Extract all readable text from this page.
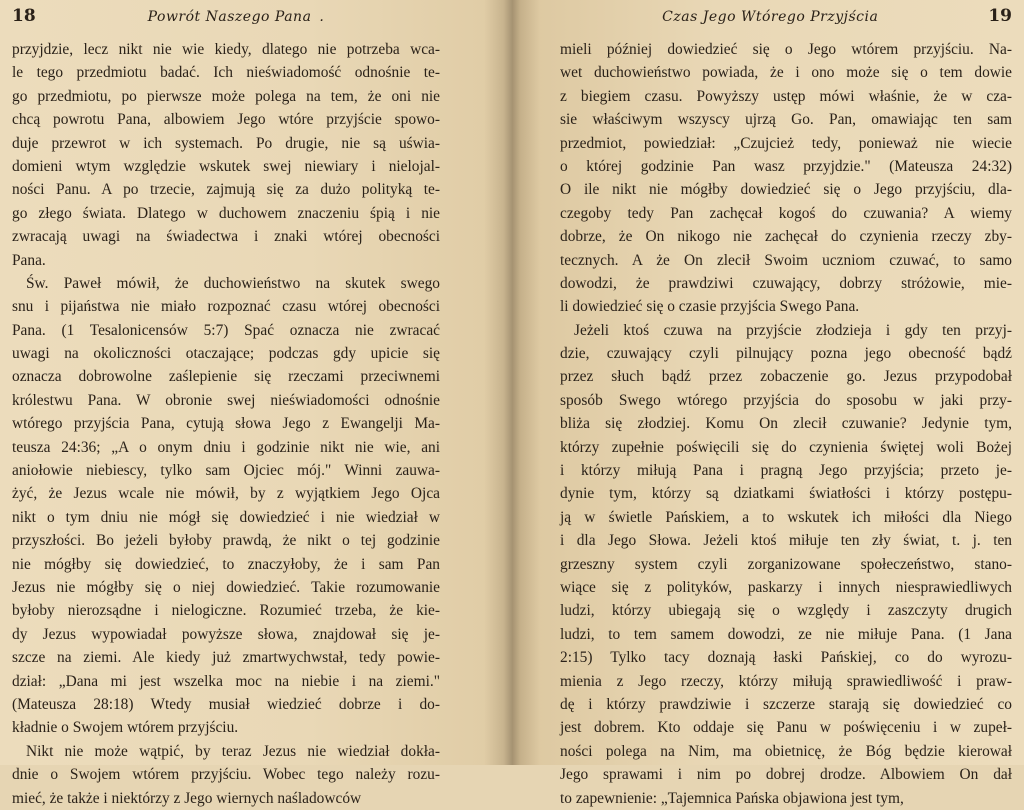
18	Powrót Naszego Pana .
przyjdzie, lecz nikt nie wie kiedy, dlatego nie potrzeba wca-
le tego przedmiotu badać. Ich nieświadomość odnośnie te-
go przedmiotu, po pierwsze może polega na tem, że oni nie
chcą powrotu Pana, albowiem Jego wtóre przyjście spowo-
duje przewrot w ich systemach. Po drugie, nie są uświa-
domieni wtym względzie wskutek swej niewiary i nielojal-
ności Panu. A po trzecie, zajmują się za dużo polityką te-
go złego świata. Dlatego w duchowem znaczeniu śpią i nie
zwracają uwagi na świadectwa i znaki wtórej obecności
Pana.
Św. Paweł mówił, że duchowieństwo na skutek swego
snu i pijaństwa nie miało rozpoznać czasu wtórej obecności
Pana. (1 Tesalonicensów 5:7) Spać oznacza nie zwracać
uwagi na okoliczności otaczające; podczas gdy upicie się
oznacza dobrowolne zaślepienie się rzeczami przeciwnemi
królestwu Pana. W obronie swej nieświadomości odnośnie
wtórego przyjścia Pana, cytują słowa Jego z Ewangelji Ma-
teusza 24:36; „A o onym dniu i godzinie nikt nie wie, ani
aniołowie niebiescy, tylko sam Ojciec mój." Winni zauwa-
żyć, że Jezus wcale nie mówił, by z wyjątkiem Jego Ojca
nikt o tym dniu nie mógł się dowiedzieć i nie wiedział w
przyszłości. Bo jeżeli byłoby prawdą, że nikt o tej godzinie
nie mógłby się dowiedzieć, to znaczyłoby, że i sam Pan
Jezus nie mógłby się o niej dowiedzieć. Takie rozumowanie
byłoby nierozsądne i nielogiczne. Rozumieć trzeba, że kie-
dy Jezus wypowiadał powyższe słowa, znajdował się je-
szcze na ziemi. Ale kiedy już zmartwychwstał, tedy powie-
dział: „Dana mi jest wszelka moc na niebie i na ziemi."
(Mateusza 28:18) Wtedy musiał wiedzieć dobrze i do-
kładnie o Swojem wtórem przyjściu.
Nikt nie może wątpić, by teraz Jezus nie wiedział dokła-
dnie o Swojem wtórem przyjściu. Wobec tego należy rozu-
mieć, że także i niektórzy z Jego wiernych naśladowców
Czas Jego Wtórego Przyjścia	19
mieli później dowiedzieć się o Jego wtórem przyjściu. Na-
wet duchowieństwo powiada, że i ono może się o tem dowie
z biegiem czasu. Powyższy ustęp mówi właśnie, że w cza-
sie właściwym wszyscy ujrzą Go. Pan, omawiając ten sam
przedmiot, powiedział: „Czujcież tedy, ponieważ nie wiecie
o której godzinie Pan wasz przyjdzie." (Mateusza 24:32)
O ile nikt nie mógłby dowiedzieć się o Jego przyjściu, dla-
czegoby tedy Pan zachęcał kogoś do czuwania? A wiemy
dobrze, że On nikogo nie zachęcał do czynienia rzeczy zby-
tecznych. A że On zlecił Swoim uczniom czuwać, to samo
dowodzi, że prawdziwi czuwający, dobrzy stróżowie, mie-
li dowiedzieć się o czasie przyjścia Swego Pana.
Jeżeli ktoś czuwa na przyjście złodzieja i gdy ten przyj-
dzie, czuwający czyli pilnujący pozna jego obecność bądź
przez słuch bądź przez zobaczenie go. Jezus przypodobał
sposób Swego wtórego przyjścia do sposobu w jaki przy-
bliża się złodziej. Komu On zlecił czuwanie? Jedynie tym,
którzy zupełnie poświęcili się do czynienia świętej woli Bożej
i którzy miłują Pana i pragną Jego przyjścia; przeto je-
dynie tym, którzy są dziatkami światłości i którzy postępu-
ją w świetle Pańskiem, a to wskutek ich miłości dla Niego
i dla Jego Słowa. Jeżeli ktoś miłuje ten zły świat, t. j. ten
grzeszny system czyli zorganizowane społeczeństwo, stano-
wiące się z polityków, paskarzy i innych niesprawiedliwych
ludzi, którzy ubiegają się o względy i zaszczyty drugich
ludzi, to tem samem dowodzi, ze nie miłuje Pana. (1 Jana
2:15) Tylko tacy doznają łaski Pańskiej, co do wyrozu-
mienia z Jego rzeczy, którzy miłują sprawiedliwość i praw-
dę i którzy prawdziwie i szczerze starają się dowiedzieć co
jest dobrem. Kto oddaje się Panu w poświęceniu i w zupeł-
ności polega na Nim, ma obietnicę, że Bóg będzie kierował
Jego sprawami i nim po dobrej drodze. Albowiem On dał
to zapewnienie: „Tajemnica Pańska objawiona jest tym,
